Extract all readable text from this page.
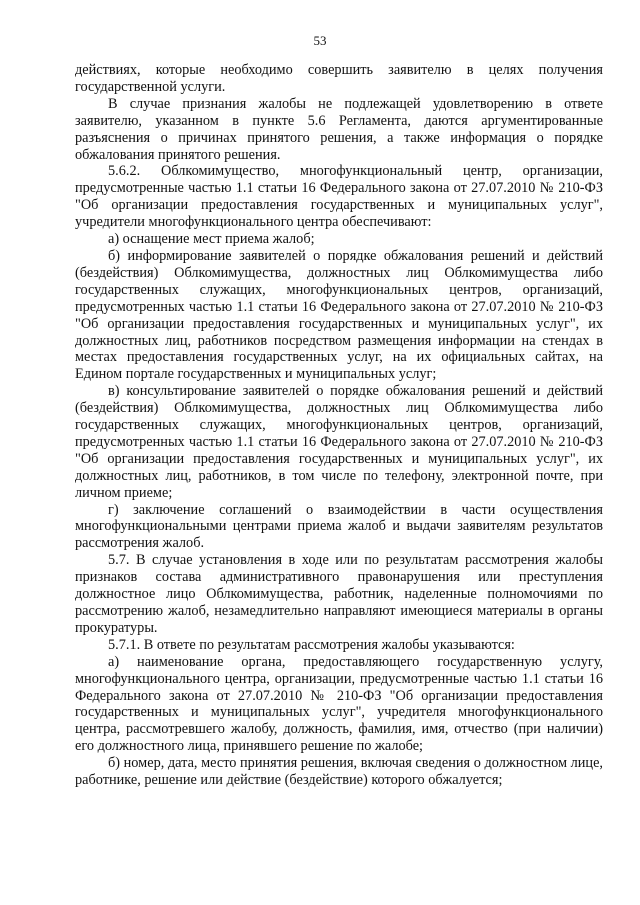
53

действиях, которые необходимо совершить заявителю в целях получения государственной услуги.

В случае признания жалобы не подлежащей удовлетворению в ответе заявителю, указанном в пункте 5.6 Регламента, даются аргументированные разъяснения о причинах принятого решения, а также информация о порядке обжалования принятого решения.

5.6.2. Облкомимущество, многофункциональный центр, организации, предусмотренные частью 1.1 статьи 16 Федерального закона от 27.07.2010 № 210-ФЗ "Об организации предоставления государственных и муниципальных услуг", учредители многофункционального центра обеспечивают:

а) оснащение мест приема жалоб;

б) информирование заявителей о порядке обжалования решений и действий (бездействия) Облкомимущества, должностных лиц Облкомимущества либо государственных служащих, многофункциональных центров, организаций, предусмотренных частью 1.1 статьи 16 Федерального закона от 27.07.2010 № 210-ФЗ "Об организации предоставления государственных и муниципальных услуг", их должностных лиц, работников посредством размещения информации на стендах в местах предоставления государственных услуг, на их официальных сайтах, на Едином портале государственных и муниципальных услуг;

в) консультирование заявителей о порядке обжалования решений и действий (бездействия) Облкомимущества, должностных лиц Облкомимущества либо государственных служащих, многофункциональных центров, организаций, предусмотренных частью 1.1 статьи 16 Федерального закона от 27.07.2010 № 210-ФЗ "Об организации предоставления государственных и муниципальных услуг", их должностных лиц, работников, в том числе по телефону, электронной почте, при личном приеме;

г) заключение соглашений о взаимодействии в части осуществления многофункциональными центрами приема жалоб и выдачи заявителям результатов рассмотрения жалоб.

5.7. В случае установления в ходе или по результатам рассмотрения жалобы признаков состава административного правонарушения или преступления должностное лицо Облкомимущества, работник, наделенные полномочиями по рассмотрению жалоб, незамедлительно направляют имеющиеся материалы в органы прокуратуры.

5.7.1. В ответе по результатам рассмотрения жалобы указываются:

а) наименование органа, предоставляющего государственную услугу, многофункционального центра, организации, предусмотренные частью 1.1 статьи 16 Федерального закона от 27.07.2010 № 210-ФЗ "Об организации предоставления государственных и муниципальных услуг", учредителя многофункционального центра, рассмотревшего жалобу, должность, фамилия, имя, отчество (при наличии) его должностного лица, принявшего решение по жалобе;

б) номер, дата, место принятия решения, включая сведения о должностном лице, работнике, решение или действие (бездействие) которого обжалуется;
